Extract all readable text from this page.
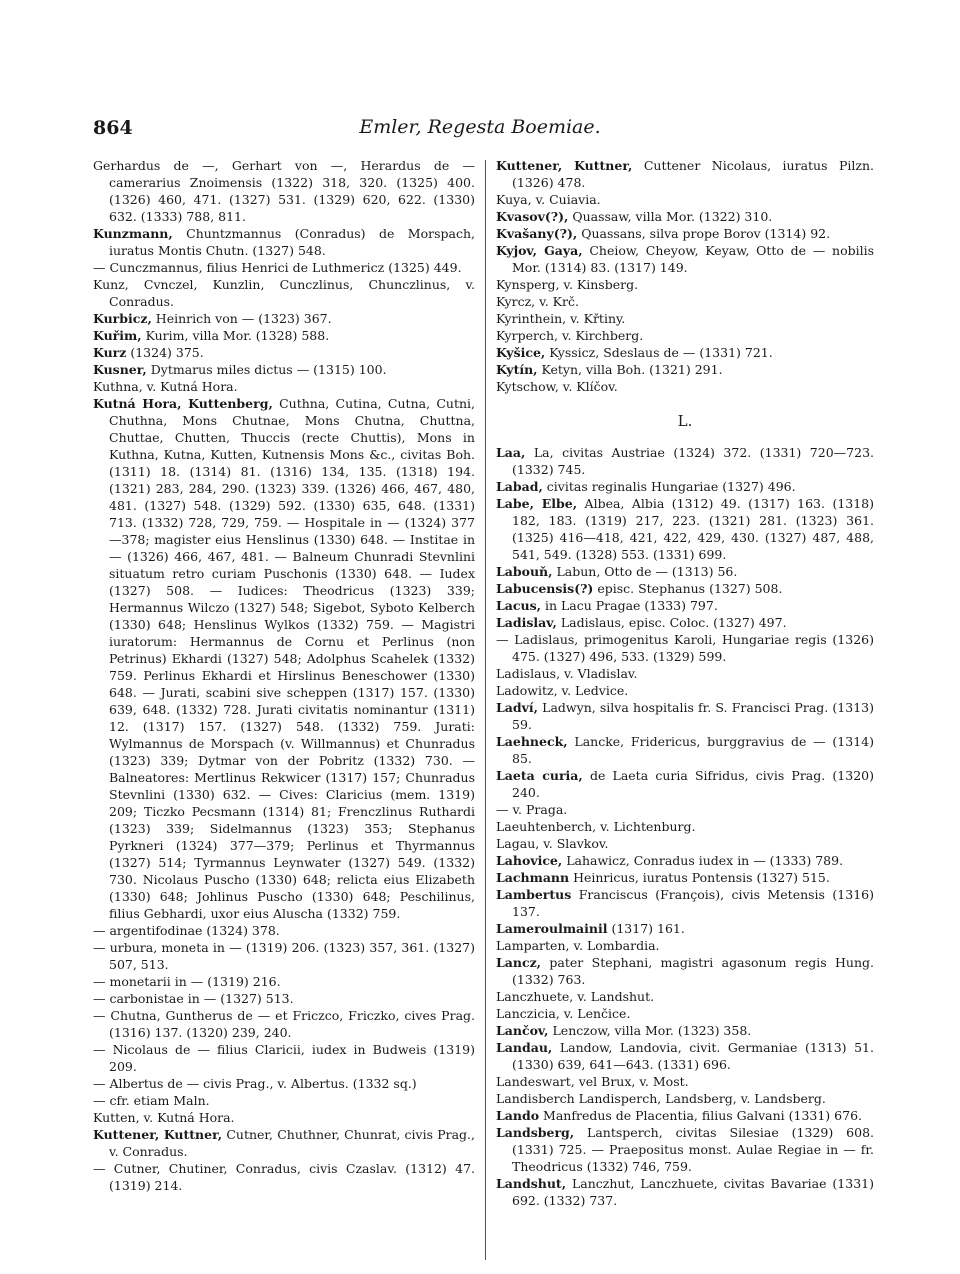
864	Emler, Regesta Boemiae.

Gerhardus de —, Gerhart von —, Herardus de — camerarius Znoimensis (1322) 318, 320. (1325) 400. (1326) 460, 471. (1327) 531. (1329) 620, 622. (1330) 632. (1333) 788, 811.

Kunzmann, Chuntzmannus (Conradus) de Morspach, iuratus Montis Chutn. (1327) 548.

— Cunczmannus, filius Henrici de Luthmericz (1325) 449.

Kunz, Cvnczel, Kunzlin, Cunczlinus, Chunczlinus, v. Conradus.

Kurbicz, Heinrich von — (1323) 367.

Kuřim, Kurim, villa Mor. (1328) 588.

Kurz (1324) 375.

Kusner, Dytmarus miles dictus — (1315) 100.

Kuthna, v. Kutná Hora.

Kutná Hora, Kuttenberg, Cuthna, Cutina, Cutna, Cutni, Chuthna, Mons Chutnae, Mons Chutna, Chuttna, Chuttae, Chutten, Thuccis (recte Chuttis), Mons in Kuthna, Kutna, Kutten, Kutnensis Mons &c., civitas Boh. (1311) 18. (1314) 81. (1316) 134, 135. (1318) 194. (1321) 283, 284, 290. (1323) 339. (1326) 466, 467, 480, 481. (1327) 548. (1329) 592. (1330) 635, 648. (1331) 713. (1332) 728, 729, 759. — Hospitale in — (1324) 377—378; magister eius Henslinus (1330) 648. — Institae in — (1326) 466, 467, 481. — Balneum Chunradi Stevnlini situatum retro curiam Puschonis (1330) 648. — Iudex (1327) 508. — Iudices: Theodricus (1323) 339; Hermannus Wilczo (1327) 548; Sigebot, Syboto Kelberch (1330) 648; Henslinus Wylkos (1332) 759. — Magistri iuratorum: Hermannus de Cornu et Perlinus (non Petrinus) Ekhardi (1327) 548; Adolphus Scahelek (1332) 759. Perlinus Ekhardi et Hirslinus Beneschower (1330) 648. — Jurati, scabini sive scheppen (1317) 157. (1330) 639, 648. (1332) 728. Jurati civitatis nominantur (1311) 12. (1317) 157. (1327) 548. (1332) 759. Jurati: Wylmannus de Morspach (v. Willmannus) et Chunradus (1323) 339; Dytmar von der Pobritz (1332) 730. — Balneatores: Mertlinus Rekwicer (1317) 157; Chunradus Stevnlini (1330) 632. — Cives: Claricius (mem. 1319) 209; Ticzko Pecsmann (1314) 81; Frenczlinus Ruthardi (1323) 339; Sidelmannus (1323) 353; Stephanus Pyrkneri (1324) 377—379; Perlinus et Thyrmannus (1327) 514; Tyrmannus Leynwater (1327) 549. (1332) 730. Nicolaus Puscho (1330) 648; relicta eius Elizabeth (1330) 648; Johlinus Puscho (1330) 648; Peschilinus, filius Gebhardi, uxor eius Aluscha (1332) 759.

— argentifodinae (1324) 378.

— urbura, moneta in — (1319) 206. (1323) 357, 361. (1327) 507, 513.

— monetarii in — (1319) 216.

— carbonistae in — (1327) 513.

— Chutna, Guntherus de — et Friczco, Friczko, cives Prag. (1316) 137. (1320) 239, 240.

— Nicolaus de — filius Claricii, iudex in Budweis (1319) 209.

— Albertus de — civis Prag., v. Albertus. (1332 sq.)

— cfr. etiam Maln.

Kutten, v. Kutná Hora.

Kuttener, Kuttner, Cutner, Chuthner, Chunrat, civis Prag., v. Conradus.

— Cutner, Chutiner, Conradus, civis Czaslav. (1312) 47. (1319) 214.

Kuttener, Kuttner, Cuttener Nicolaus, iuratus Pilzn. (1326) 478.

Kuya, v. Cuiavia.

Kvasov(?), Quassaw, villa Mor. (1322) 310.

Kvašany(?), Quassans, silva prope Borov (1314) 92.

Kyjov, Gaya, Cheiow, Cheyow, Keyaw, Otto de — nobilis Mor. (1314) 83. (1317) 149.

Kynsperg, v. Kinsberg.

Kyrcz, v. Krč.

Kyrinthein, v. Křtiny.

Kyrperch, v. Kirchberg.

Kyšice, Kyssicz, Sdeslaus de — (1331) 721.

Kytín, Ketyn, villa Boh. (1321) 291.

Kytschow, v. Klíčov.

L.

Laa, La, civitas Austriae (1324) 372. (1331) 720—723. (1332) 745.

Labad, civitas reginalis Hungariae (1327) 496.

Labe, Elbe, Albea, Albia (1312) 49. (1317) 163. (1318) 182, 183. (1319) 217, 223. (1321) 281. (1323) 361. (1325) 416—418, 421, 422, 429, 430. (1327) 487, 488, 541, 549. (1328) 553. (1331) 699.

Labouň, Labun, Otto de — (1313) 56.

Labucensis(?) episc. Stephanus (1327) 508.

Lacus, in Lacu Pragae (1333) 797.

Ladislav, Ladislaus, episc. Coloc. (1327) 497.

— Ladislaus, primogenitus Karoli, Hungariae regis (1326) 475. (1327) 496, 533. (1329) 599.

Ladislaus, v. Vladislav.

Ladowitz, v. Ledvice.

Ladví, Ladwyn, silva hospitalis fr. S. Francisci Prag. (1313) 59.

Laehneck, Lancke, Fridericus, burggravius de — (1314) 85.

Laeta curia, de Laeta curia Sifridus, civis Prag. (1320) 240.

— v. Praga.

Laeuhtenberch, v. Lichtenburg.

Lagau, v. Slavkov.

Lahovice, Lahawicz, Conradus iudex in — (1333) 789.

Lachmann Heinricus, iuratus Pontensis (1327) 515.

Lambertus Franciscus (François), civis Metensis (1316) 137.

Lameroulmainil (1317) 161.

Lamparten, v. Lombardia.

Lancz, pater Stephani, magistri agasonum regis Hung. (1332) 763.

Lanczhuete, v. Landshut.

Lanczicia, v. Lenčice.

Lančov, Lenczow, villa Mor. (1323) 358.

Landau, Landow, Landovia, civit. Germaniae (1313) 51. (1330) 639, 641—643. (1331) 696.

Landeswart, vel Brux, v. Most.

Landisberch Landisperch, Landsberg, v. Landsberg.

Lando Manfredus de Placentia, filius Galvani (1331) 676.

Landsberg, Lantsperch, civitas Silesiae (1329) 608. (1331) 725. — Praepositus monst. Aulae Regiae in — fr. Theodricus (1332) 746, 759.

Landshut, Lanczhut, Lanczhuete, civitas Bavariae (1331) 692. (1332) 737.
